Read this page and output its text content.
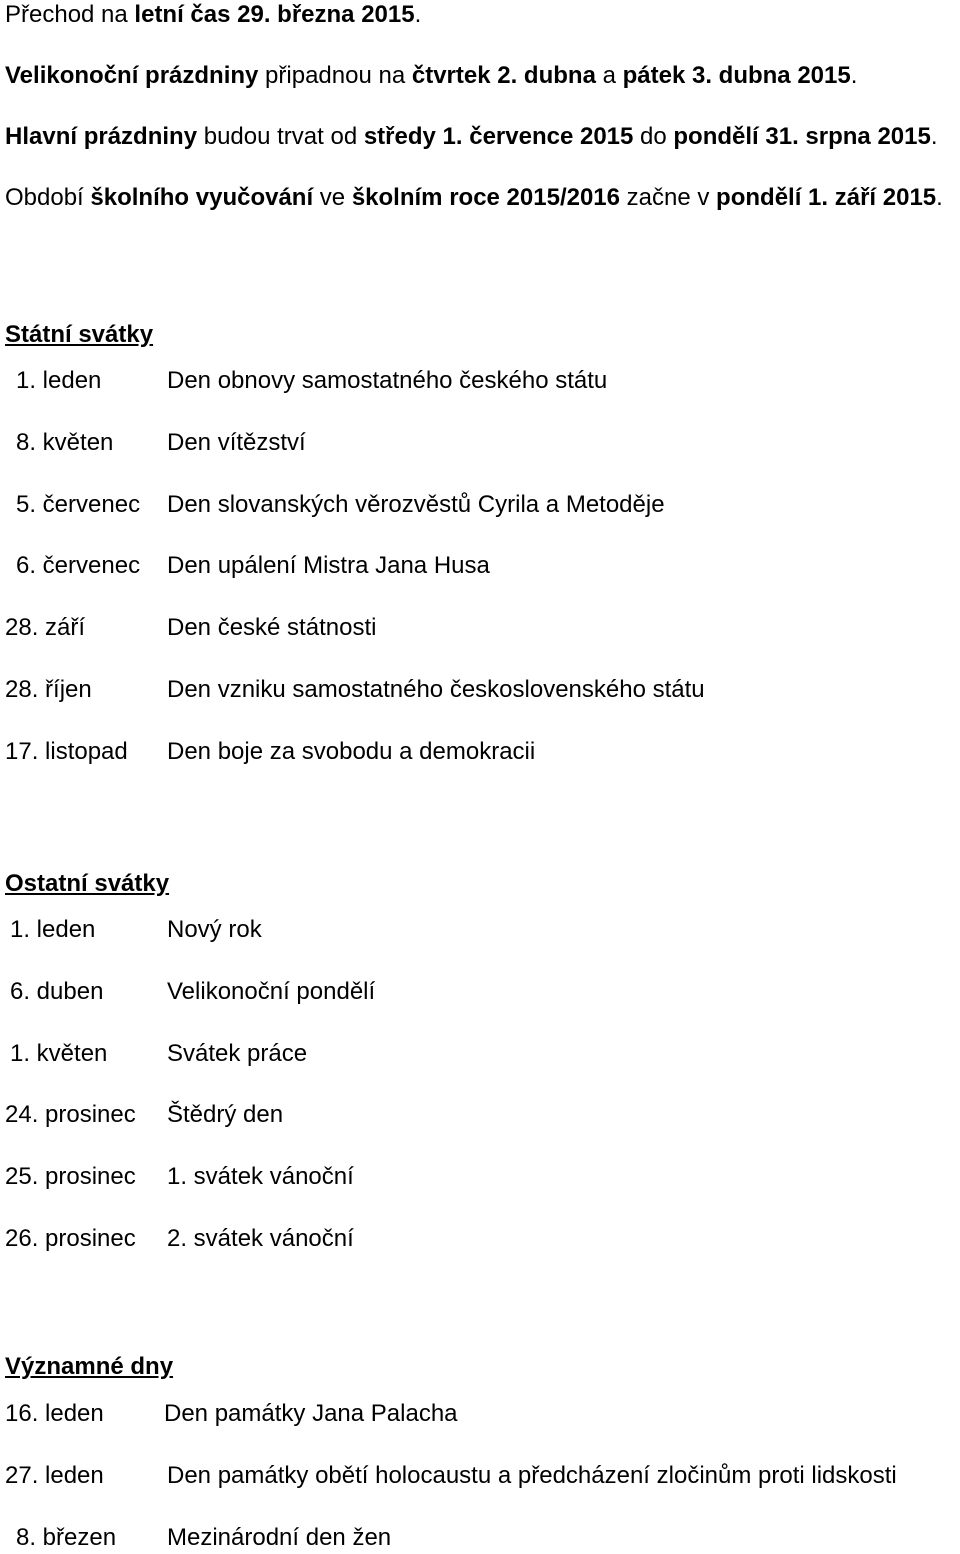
Přechod na letní čas 29. března 2015.
Velikonoční prázdniny připadnou na čtvrtek 2. dubna a pátek 3. dubna 2015.
Hlavní prázdniny budou trvat od středy 1. července 2015 do pondělí 31. srpna 2015.
Období školního vyučování ve školním roce 2015/2016 začne v pondělí 1. září 2015.
Státní svátky
1. leden	Den obnovy samostatného českého státu
8. květen Den vítězství
5. červenec Den slovanských věrozvěstů Cyrila a Metoděje
6. červenec Den upálení Mistra Jana Husa
28. září	Den české státnosti
28. říjen	Den vzniku samostatného československého státu
17. listopad Den boje za svobodu a demokracii
Ostatní svátky
1. leden	Nový rok
6. duben	Velikonoční pondělí
1. květen Svátek práce
24. prosinec Štědrý den
25. prosinec 1. svátek vánoční
26. prosinec 2. svátek vánoční
Významné dny
16. leden	Den památky Jana Palacha
27. leden	Den památky obětí holocaustu a předcházení zločinům proti lidskosti
8. březen Mezinárodní den žen
